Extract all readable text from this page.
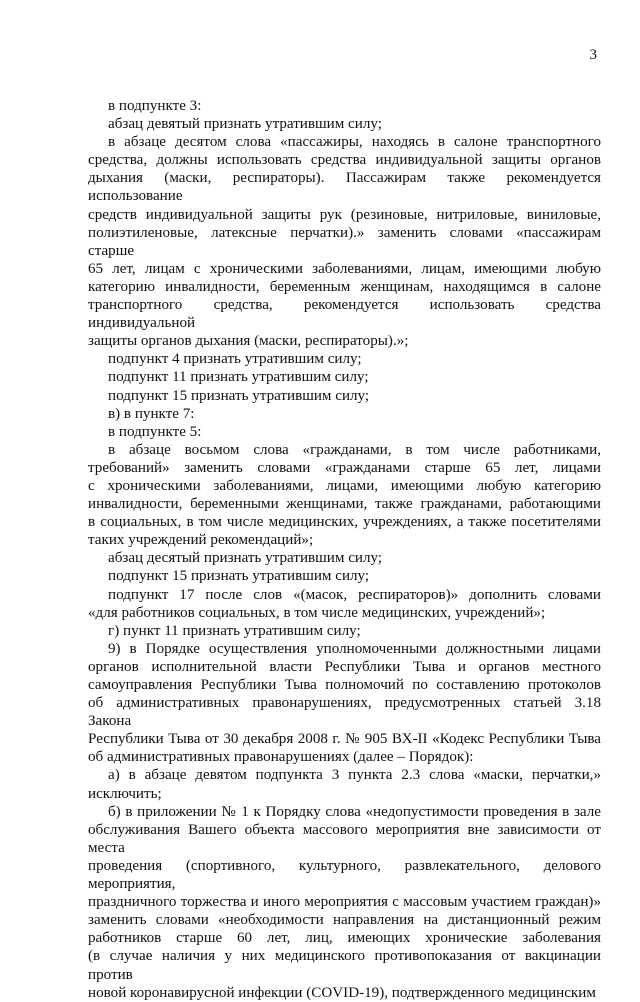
3

в подпункте 3:

абзац девятый признать утратившим силу;

в абзаце десятом слова «пассажиры, находясь в салоне транспортного
средства, должны использовать средства индивидуальной защиты органов
дыхания (маски, респираторы). Пассажирам также рекомендуется использование
средств индивидуальной защиты рук (резиновые, нитриловые, виниловые,
полиэтиленовые, латексные перчатки).» заменить словами «пассажирам старше
65 лет, лицам с хроническими заболеваниями, лицам, имеющими любую
категорию инвалидности, беременным женщинам, находящимся в салоне
транспортного средства, рекомендуется использовать средства индивидуальной
защиты органов дыхания (маски, респираторы).»;

подпункт 4 признать утратившим силу;

подпункт 11 признать утратившим силу;

подпункт 15 признать утратившим силу;

в) в пункте 7:

в подпункте 5:

в абзаце восьмом слова «гражданами, в том числе работниками,
требований» заменить словами «гражданами старше 65 лет, лицами
с хроническими заболеваниями, лицами, имеющими любую категорию
инвалидности, беременными женщинами, также гражданами, работающими
в социальных, в том числе медицинских, учреждениях, а также посетителями
таких учреждений рекомендаций»;

абзац десятый признать утратившим силу;

подпункт 15 признать утратившим силу;

подпункт 17 после слов «(масок, респираторов)» дополнить словами
«для работников социальных, в том числе медицинских, учреждений»;

г) пункт 11 признать утратившим силу;

9) в Порядке осуществления уполномоченными должностными лицами
органов исполнительной власти Республики Тыва и органов местного
самоуправления Республики Тыва полномочий по составлению протоколов
об административных правонарушениях, предусмотренных статьей 3.18 Закона
Республики Тыва от 30 декабря 2008 г. № 905 ВХ-II «Кодекс Республики Тыва
об административных правонарушениях (далее – Порядок):

а) в абзаце девятом подпункта 3 пункта 2.3 слова «маски, перчатки,»
исключить;

б) в приложении № 1 к Порядку слова «недопустимости проведения в зале
обслуживания Вашего объекта массового мероприятия вне зависимости от места
проведения (спортивного, культурного, развлекательного, делового мероприятия,
праздничного торжества и иного мероприятия с массовым участием граждан)»
заменить словами «необходимости направления на дистанционный режим
работников старше 60 лет, лиц, имеющих хронические заболевания
(в случае наличия у них медицинского противопоказания от вакцинации против
новой коронавирусной инфекции (COVID-19), подтвержденного медицинским
